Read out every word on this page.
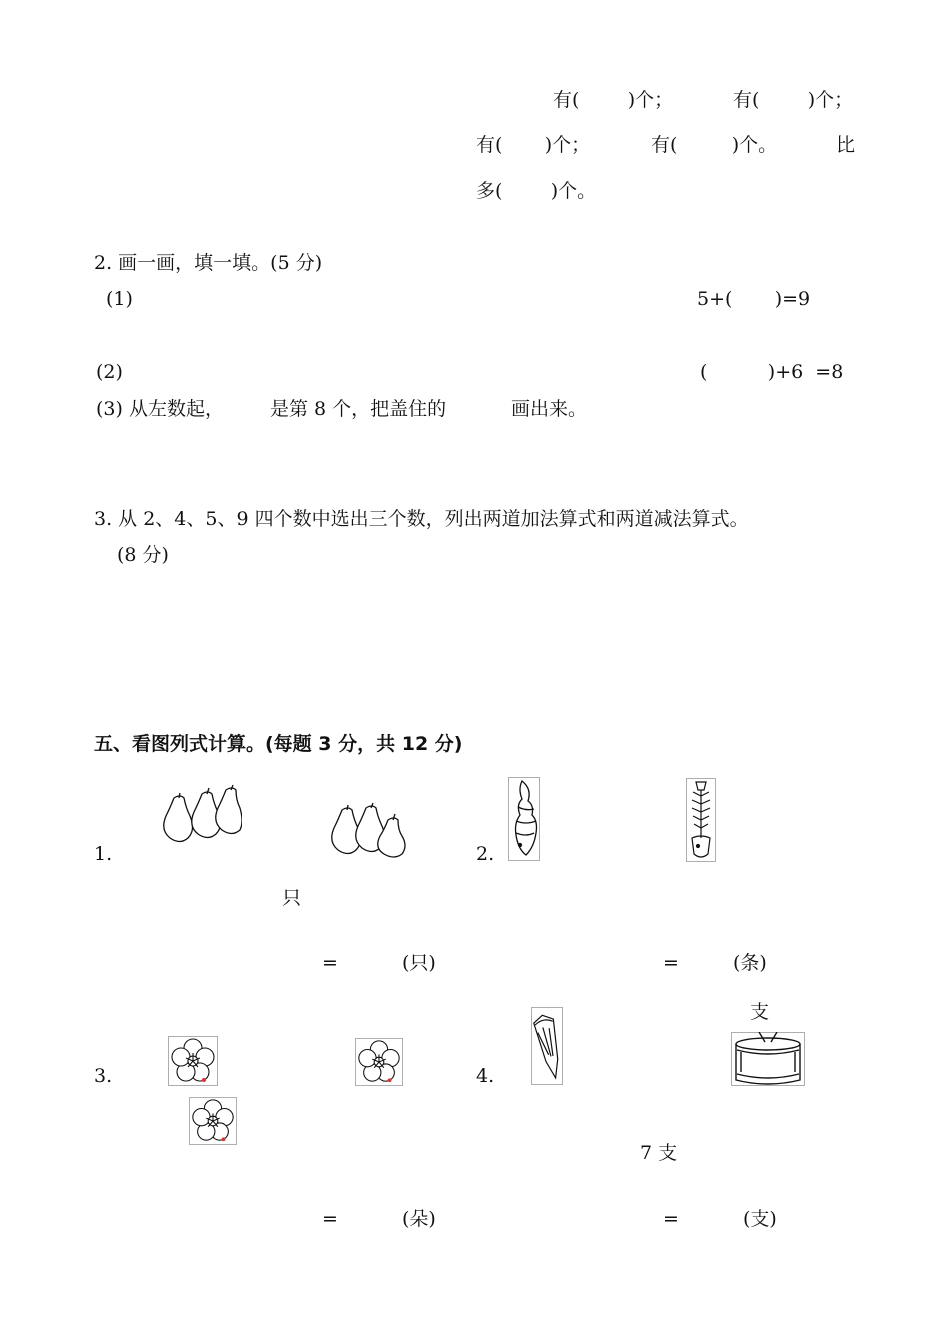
有(        )个；	有(        )个；
有(       )个；	有(         )个。	比
多(        )个。
2. 画一画，填一填。(5 分)
(1)	5+(       )=9
(2)	(          )+6  =8
(3) 从左数起， 是第 8 个，把盖住的	画出来。
3. 从 2、4、5、9 四个数中选出三个数，列出两道加法算式和两道减法算式。
(8 分)
五、看图列式计算。(每题 3 分，共 12 分)
1.
只
=	(只)
2.
=	(条)
3.
=	(朵)
4.
支
7 支
=	(支)
